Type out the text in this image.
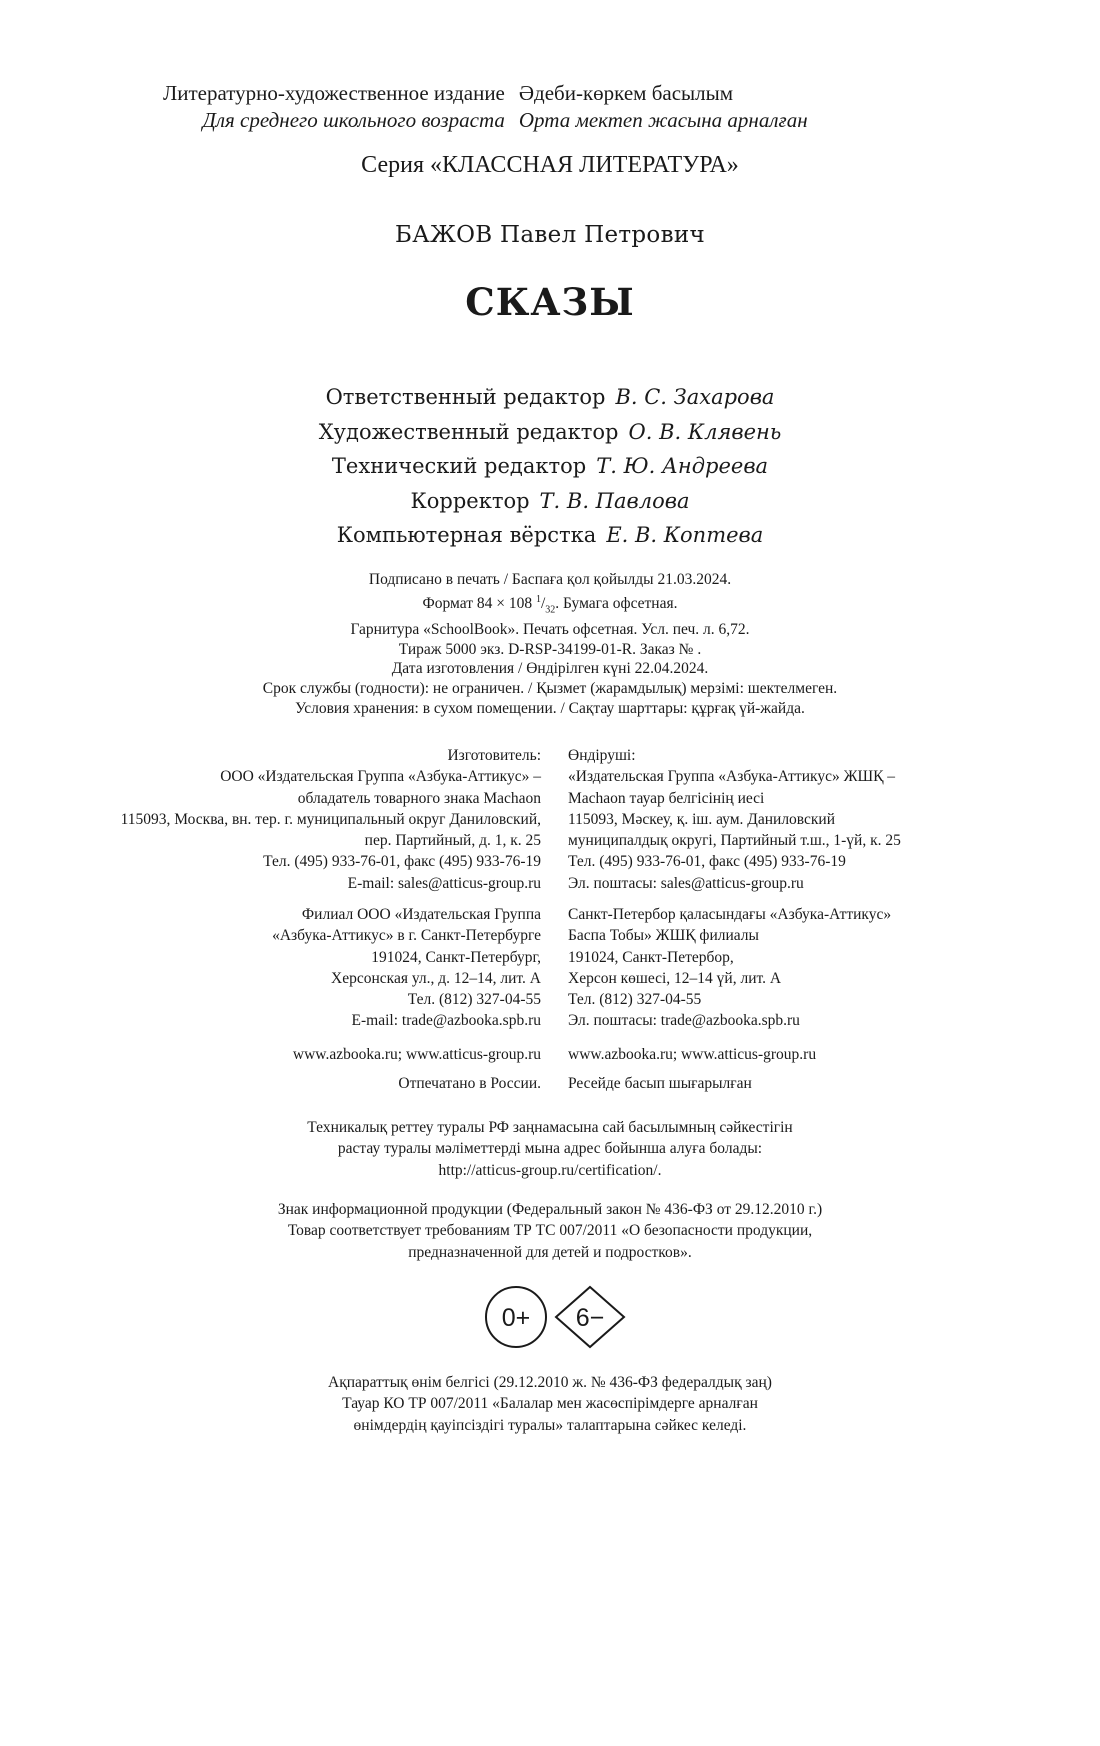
Литературно-художественное издание
Для среднего школьного возраста
Әдеби-көркем басылым
Орта мектеп жасына арналған
Серия «КЛАССНАЯ ЛИТЕРАТУРА»
БАЖОВ Павел Петрович
СКАЗЫ
Ответственный редактор В. С. Захарова
Художественный редактор О. В. Клявень
Технический редактор Т. Ю. Андреева
Корректор Т. В. Павлова
Компьютерная вёрстка Е. В. Коптева
Подписано в печать / Баспаға қол қойылды 21.03.2024.
Формат 84 × 108 $^1/_{32}$. Бумага офсетная.
Гарнитура «SchoolBook». Печать офсетная. Усл. печ. л. 6,72.
Тираж 5000 экз. D-RSP-34199-01-R. Заказ № .
Дата изготовления / Өндірілген күні 22.04.2024.
Срок службы (годности): не ограничен. / Қызмет (жарамдылық) мерзімі: шектелмеген.
Условия хранения: в сухом помещении. / Сақтау шарттары: құрғақ үй-жайда.
Изготовитель:
ООО «Издательская Группа «Азбука-Аттикус» –
обладатель товарного знака Machaon
115093, Москва, вн. тер. г. муниципальный округ Даниловский,
пер. Партийный, д. 1, к. 25
Тел. (495) 933-76-01, факс (495) 933-76-19
E-mail: sales@atticus-group.ru
Өндіруші:
«Издательская Группа «Азбука-Аттикус» ЖШҚ –
Machaon тауар белгісінің иесі
115093, Мәскеу, қ. іш. аум. Даниловский
муниципалдық округі, Партийный т.ш., 1-үй, к. 25
Тел. (495) 933-76-01, факс (495) 933-76-19
Эл. поштасы: sales@atticus-group.ru
Филиал ООО «Издательская Группа
«Азбука-Аттикус» в г. Санкт-Петербурге
191024, Санкт-Петербург,
Херсонская ул., д. 12–14, лит. А
Тел. (812) 327-04-55
E-mail: trade@azbooka.spb.ru
Санкт-Петербор қаласындағы «Азбука-Аттикус»
Баспа Тобы» ЖШҚ филиалы
191024, Санкт-Петербор,
Херсон көшесі, 12–14 үй, лит. А
Тел. (812) 327-04-55
Эл. поштасы: trade@azbooka.spb.ru
www.azbooka.ru; www.atticus-group.ru www.azbooka.ru; www.atticus-group.ru
Отпечатано в России. Ресейде басып шығарылған
Техникалық реттеу туралы РФ заңнамасына сай басылымның сәйкестігін
растау туралы мәліметтерді мына адрес бойынша алуға болады:
http://atticus-group.ru/certification/.
Знак информационной продукции (Федеральный закон № 436-ФЗ от 29.12.2010 г.)
Товар соответствует требованиям ТР ТС 007/2011 «О безопасности продукции,
предназначенной для детей и подростков».
0+ 6−
Ақпараттық өнім белгісі (29.12.2010 ж. № 436-ФЗ федералдық заң)
Тауар КО ТР 007/2011 «Балалар мен жасөспірімдерге арналған
өнімдердің қауіпсіздігі туралы» талаптарына сәйкес келеді.
